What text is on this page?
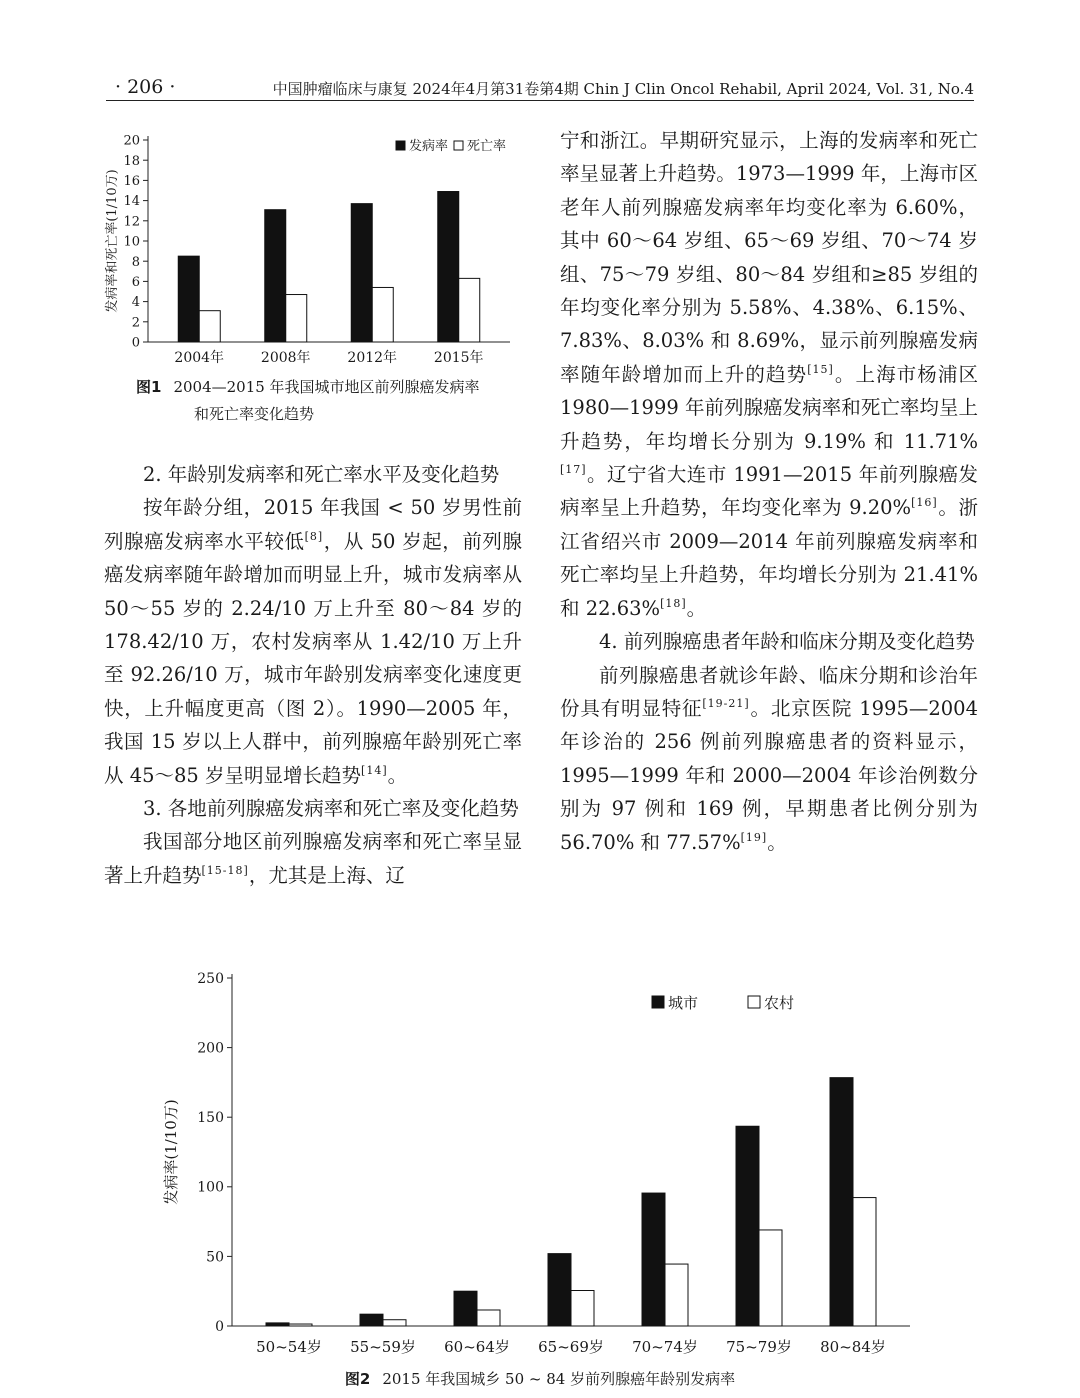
· 206 ·	中国肿瘤临床与康复 2024年4月第31卷第4期 Chin J Clin Oncol Rehabil, April 2024, Vol. 31, No.4
0
2
4
6
8
10
12
14
16
18
20
发病率和死亡率(1/10万)
2004年	2008年	2012年	2015年
发病率 死亡率
图1 2004—2015 年我国城市地区前列腺癌发病率
和死亡率变化趋势

2. 年龄别发病率和死亡率水平及变化趋势

按年龄分组，2015 年我国 < 50 岁男性前列腺癌发病率水平较低[8]，从 50 岁起，前列腺癌发病率随年龄增加而明显上升，城市发病率从 50～55 岁的 2.24/10 万上升至 80～84 岁的 178.42/10 万，农村发病率从 1.42/10 万上升至 92.26/10 万，城市年龄别发病率变化速度更快，上升幅度更高（图 2）。1990—2005 年，我国 15 岁以上人群中，前列腺癌年龄别死亡率从 45～85 岁呈明显增长趋势[14]。

3. 各地前列腺癌发病率和死亡率及变化趋势

我国部分地区前列腺癌发病率和死亡率呈显著上升趋势[15-18]，尤其是上海、辽

宁和浙江。早期研究显示，上海的发病率和死亡率呈显著上升趋势。1973—1999 年，上海市区老年人前列腺癌发病率年均变化率为 6.60%，其中 60～64 岁组、65～69 岁组、70～74 岁组、75～79 岁组、80～84 岁组和≥85 岁组的年均变化率分别为 5.58%、4.38%、6.15%、7.83%、8.03% 和 8.69%，显示前列腺癌发病率随年龄增加而上升的趋势[15]。上海市杨浦区 1980—1999 年前列腺癌发病率和死亡率均呈上升趋势，年均增长分别为 9.19% 和 11.71%[17]。辽宁省大连市 1991—2015 年前列腺癌发病率呈上升趋势，年均变化率为 9.20%[16]。浙江省绍兴市 2009—2014 年前列腺癌发病率和死亡率均呈上升趋势，年均增长分别为 21.41% 和 22.63%[18]。

4. 前列腺癌患者年龄和临床分期及变化趋势

前列腺癌患者就诊年龄、临床分期和诊治年份具有明显特征[19-21]。北京医院 1995—2004 年诊治的 256 例前列腺癌患者的资料显示，1995—1999 年和 2000—2004 年诊治例数分别为 97 例和 169 例，早期患者比例分别为 56.70% 和 77.57%[19]。

0
50
100
150
200
250
发病率(1/10万)
50~54岁 55~59岁 60~64岁 65~69岁 70~74岁 75~79岁 80~84岁
城市	农村
图2 2015 年我国城乡 50 ~ 84 岁前列腺癌年龄别发病率
